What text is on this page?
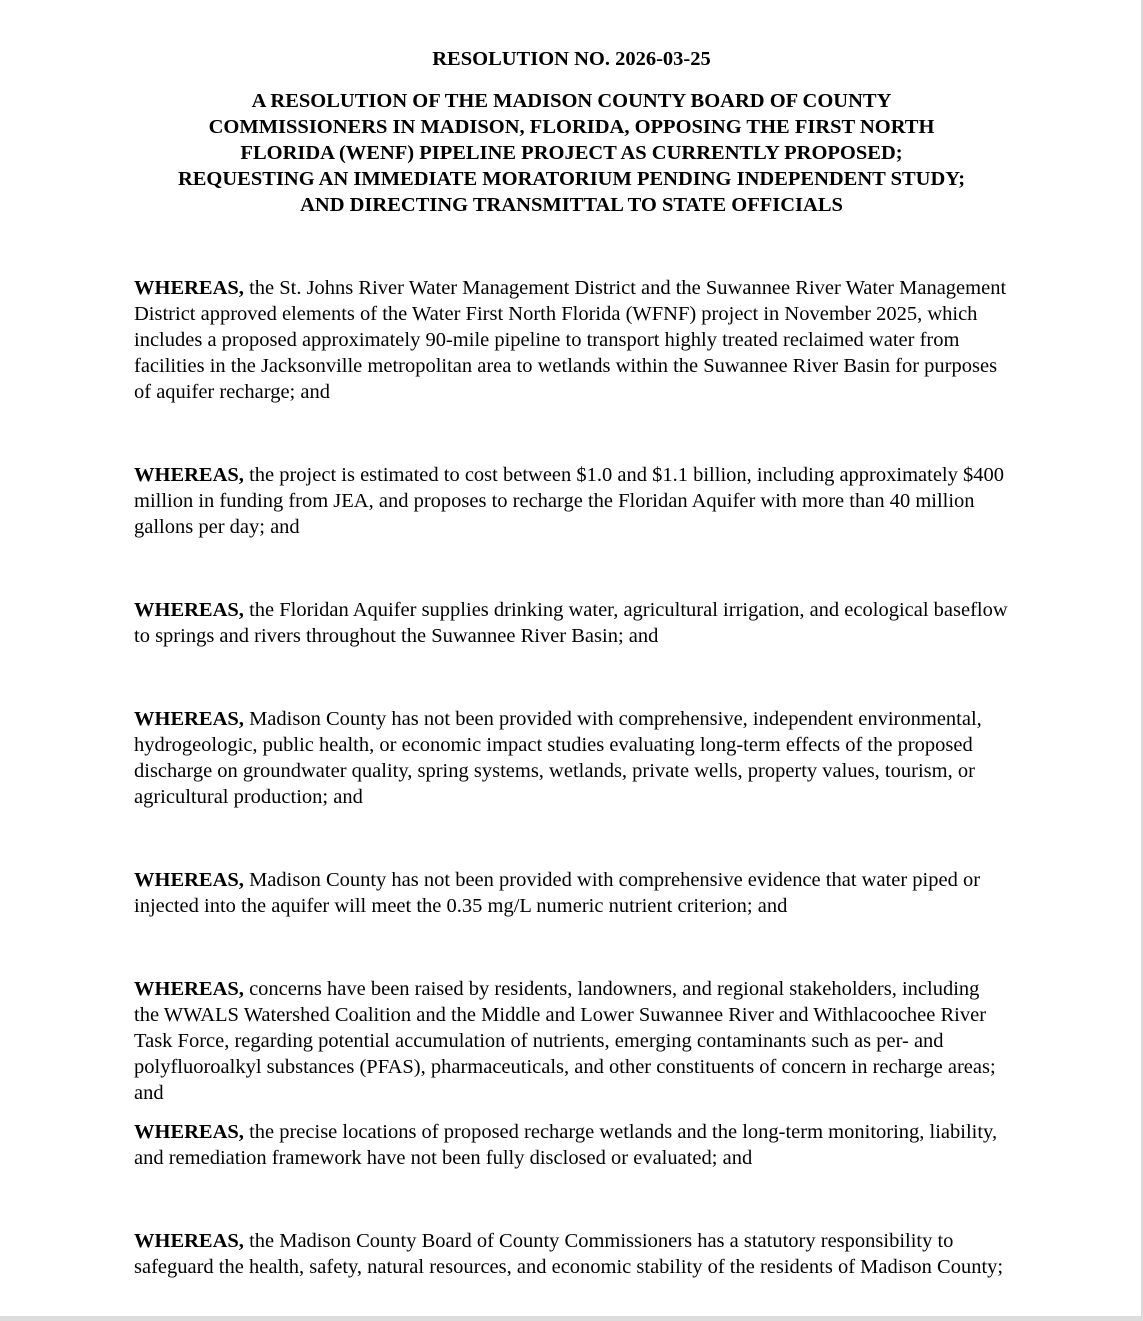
RESOLUTION NO. 2026-03-25
A RESOLUTION OF THE MADISON COUNTY BOARD OF COUNTY
COMMISSIONERS IN MADISON, FLORIDA, OPPOSING THE FIRST NORTH
FLORIDA (WENF) PIPELINE PROJECT AS CURRENTLY PROPOSED;
REQUESTING AN IMMEDIATE MORATORIUM PENDING INDEPENDENT STUDY;
AND DIRECTING TRANSMITTAL TO STATE OFFICIALS

WHEREAS, the St. Johns River Water Management District and the Suwannee River Water Management District approved elements of the Water First North Florida (WFNF) project in November 2025, which includes a proposed approximately 90-mile pipeline to transport highly treated reclaimed water from facilities in the Jacksonville metropolitan area to wetlands within the Suwannee River Basin for purposes of aquifer recharge; and

WHEREAS, the project is estimated to cost between $1.0 and $1.1 billion, including approximately $400 million in funding from JEA, and proposes to recharge the Floridan Aquifer with more than 40 million gallons per day; and

WHEREAS, the Floridan Aquifer supplies drinking water, agricultural irrigation, and ecological baseflow to springs and rivers throughout the Suwannee River Basin; and

WHEREAS, Madison County has not been provided with comprehensive, independent environmental, hydrogeologic, public health, or economic impact studies evaluating long-term effects of the proposed discharge on groundwater quality, spring systems, wetlands, private wells, property values, tourism, or agricultural production; and

WHEREAS, Madison County has not been provided with comprehensive evidence that water piped or injected into the aquifer will meet the 0.35 mg/L numeric nutrient criterion; and

WHEREAS, concerns have been raised by residents, landowners, and regional stakeholders, including the WWALS Watershed Coalition and the Middle and Lower Suwannee River and Withlacoochee River Task Force, regarding potential accumulation of nutrients, emerging contaminants such as per- and polyfluoroalkyl substances (PFAS), pharmaceuticals, and other constituents of concern in recharge areas; and

WHEREAS, the precise locations of proposed recharge wetlands and the long-term monitoring, liability, and remediation framework have not been fully disclosed or evaluated; and

WHEREAS, the Madison County Board of County Commissioners has a statutory responsibility to safeguard the health, safety, natural resources, and economic stability of the residents of Madison County;
